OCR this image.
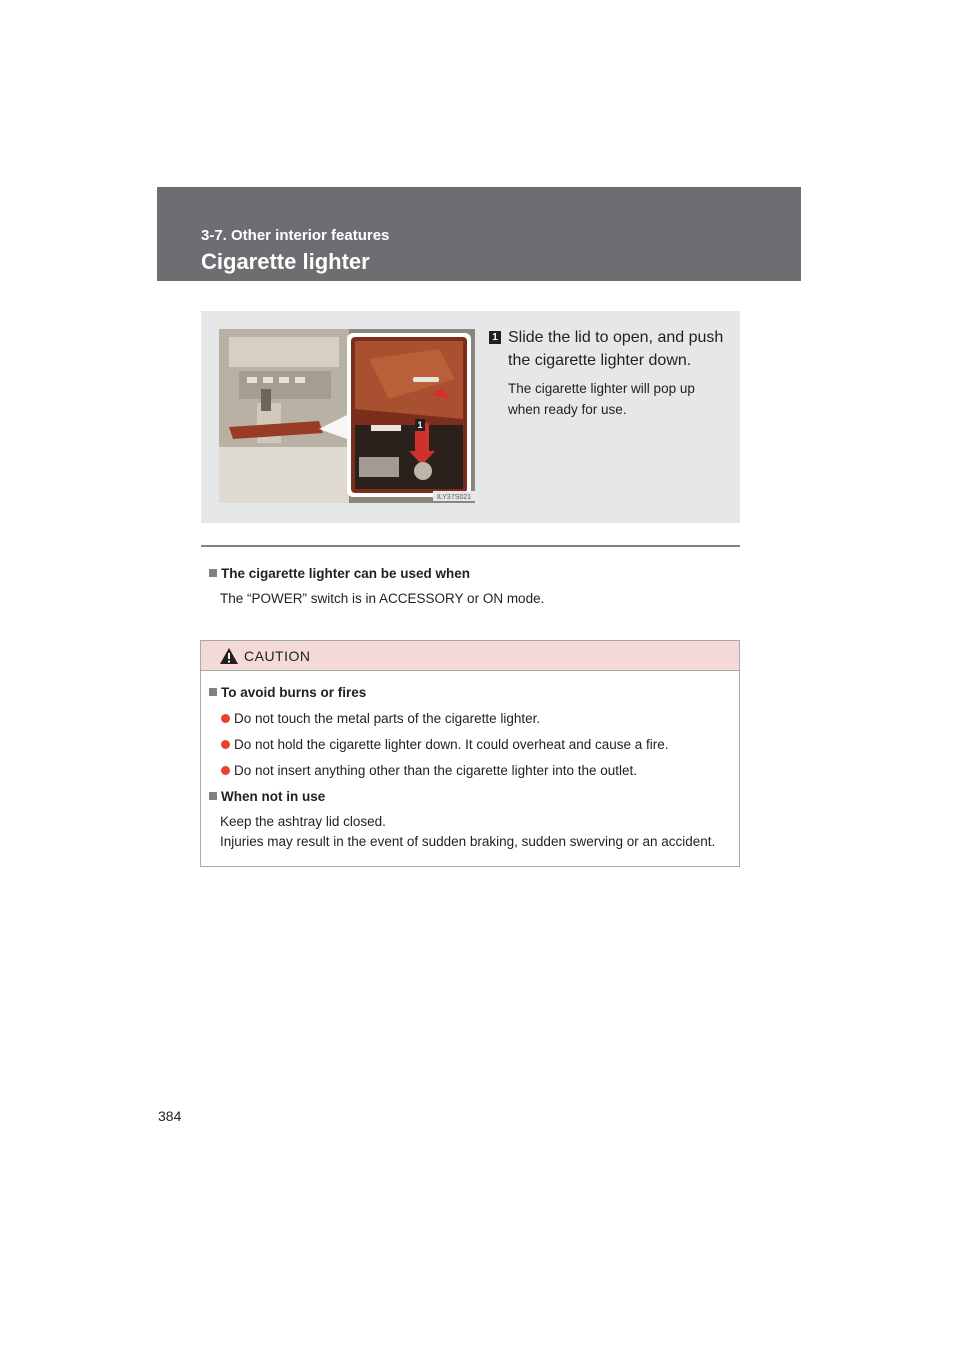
3-7. Other interior features
Cigarette lighter
1
ILY37S021
1 Slide the lid to open, and push the cigarette lighter down.
The cigarette lighter will pop up when ready for use.
The cigarette lighter can be used when
The “POWER” switch is in ACCESSORY or ON mode.
CAUTION
To avoid burns or fires
Do not touch the metal parts of the cigarette lighter.
Do not hold the cigarette lighter down. It could overheat and cause a fire.
Do not insert anything other than the cigarette lighter into the outlet.
When not in use
Keep the ashtray lid closed.
Injuries may result in the event of sudden braking, sudden swerving or an accident.
384
